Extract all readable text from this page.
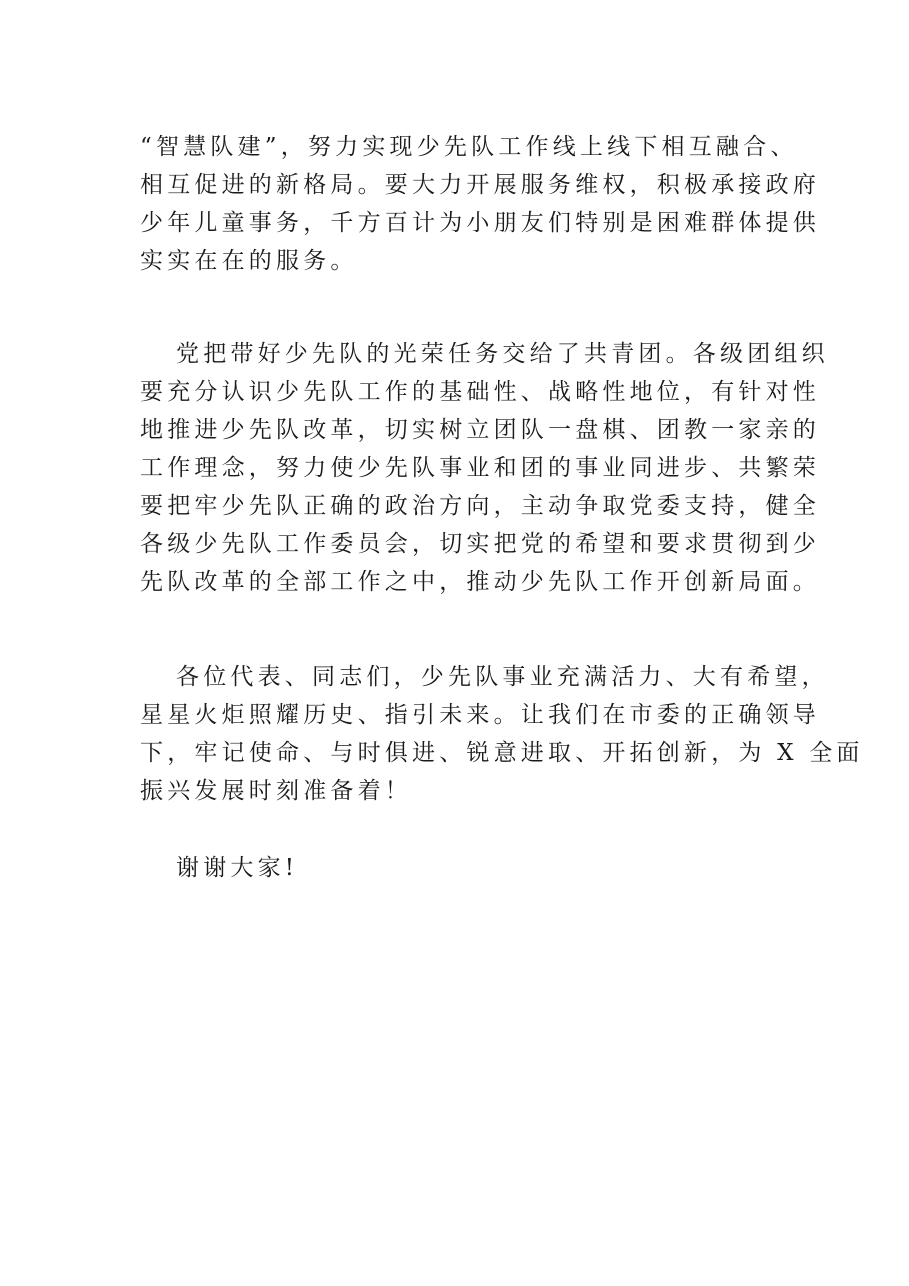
“智慧队建”，努力实现少先队工作线上线下相互融合、
相互促进的新格局。要大力开展服务维权，积极承接政府
少年儿童事务，千方百计为小朋友们特别是困难群体提供
实实在在的服务。
党把带好少先队的光荣任务交给了共青团。各级团组织
要充分认识少先队工作的基础性、战略性地位，有针对性
地推进少先队改革，切实树立团队一盘棋、团教一家亲的
工作理念，努力使少先队事业和团的事业同进步、共繁荣
要把牢少先队正确的政治方向，主动争取党委支持，健全
各级少先队工作委员会，切实把党的希望和要求贯彻到少
先队改革的全部工作之中，推动少先队工作开创新局面。
各位代表、同志们，少先队事业充满活力、大有希望，
星星火炬照耀历史、指引未来。让我们在市委的正确领导
下，牢记使命、与时俱进、锐意进取、开拓创新，为 X 全面
振兴发展时刻准备着！
谢谢大家!
